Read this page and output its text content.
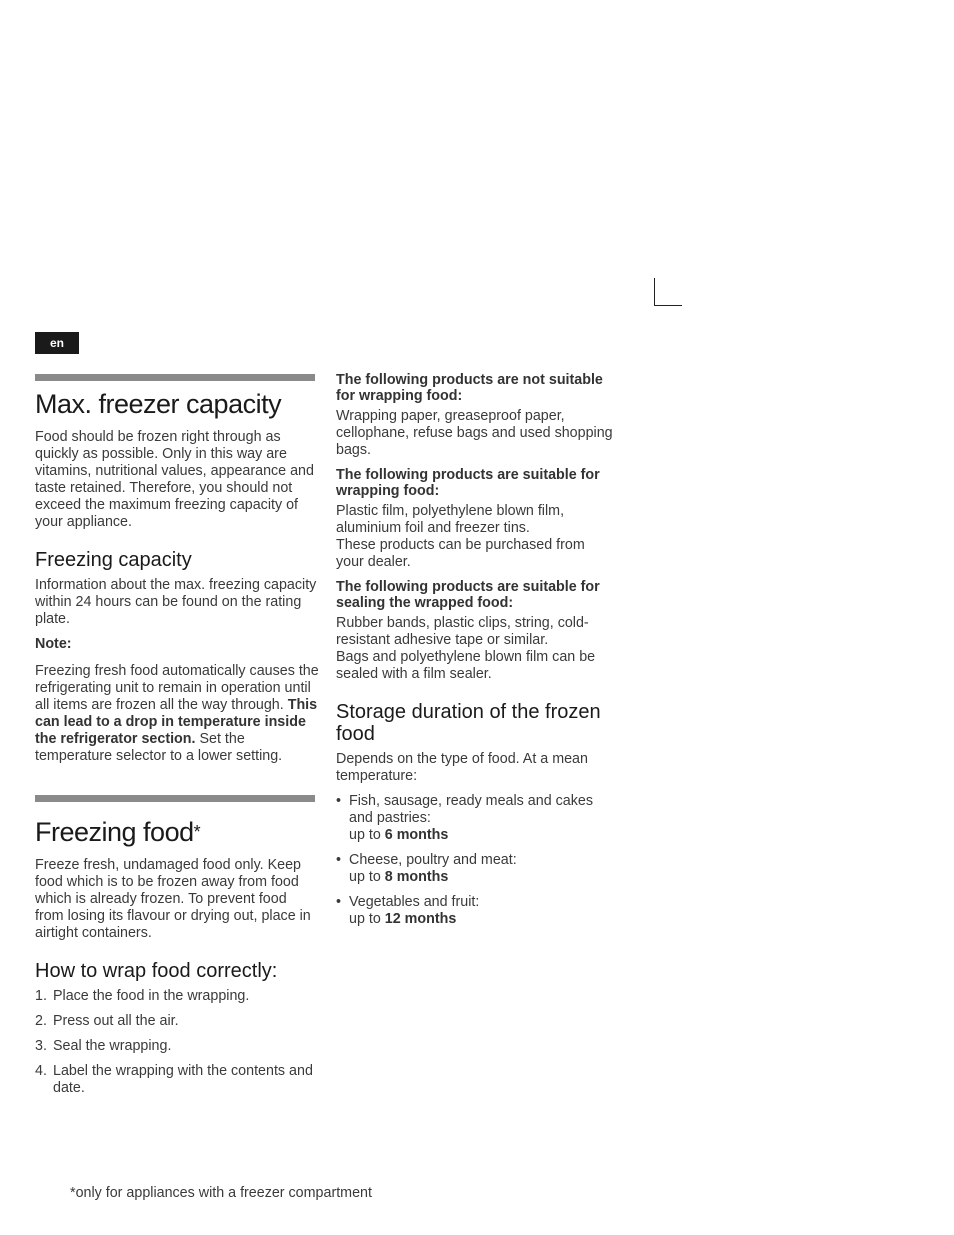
en
Max. freezer capacity

Food should be frozen right through as quickly as possible. Only in this way are vitamins, nutritional values, appearance and taste retained. Therefore, you should not exceed the maximum freezing capacity of your appliance.

Freezing capacity

Information about the max. freezing capacity within 24 hours can be found on the rating plate.

Note:

Freezing fresh food automatically causes the refrigerating unit to remain in operation until all items are frozen all the way through. This can lead to a drop in temperature inside the refrigerator section. Set the temperature selector to a lower setting.

Freezing food*

Freeze fresh, undamaged food only. Keep food which is to be frozen away from food which is already frozen. To prevent food from losing its flavour or drying out, place in airtight containers.

How to wrap food correctly:
1. Place the food in the wrapping.
2. Press out all the air.
3. Seal the wrapping.
4. Label the wrapping with the contents and date.
The following products are not suitable for wrapping food:

Wrapping paper, greaseproof paper, cellophane, refuse bags and used shopping bags.

The following products are suitable for wrapping food:

Plastic film, polyethylene blown film, aluminium foil and freezer tins.

These products can be purchased from your dealer.

The following products are suitable for sealing the wrapped food:

Rubber bands, plastic clips, string, cold-resistant adhesive tape or similar.

Bags and polyethylene blown film can be sealed with a film sealer.

Storage duration of the frozen food

Depends on the type of food. At a mean temperature:

• Fish, sausage, ready meals and cakes and pastries:
up to 6 months
• Cheese, poultry and meat:
up to 8 months
• Vegetables and fruit:
up to 12 months
*only for appliances with a freezer compartment
